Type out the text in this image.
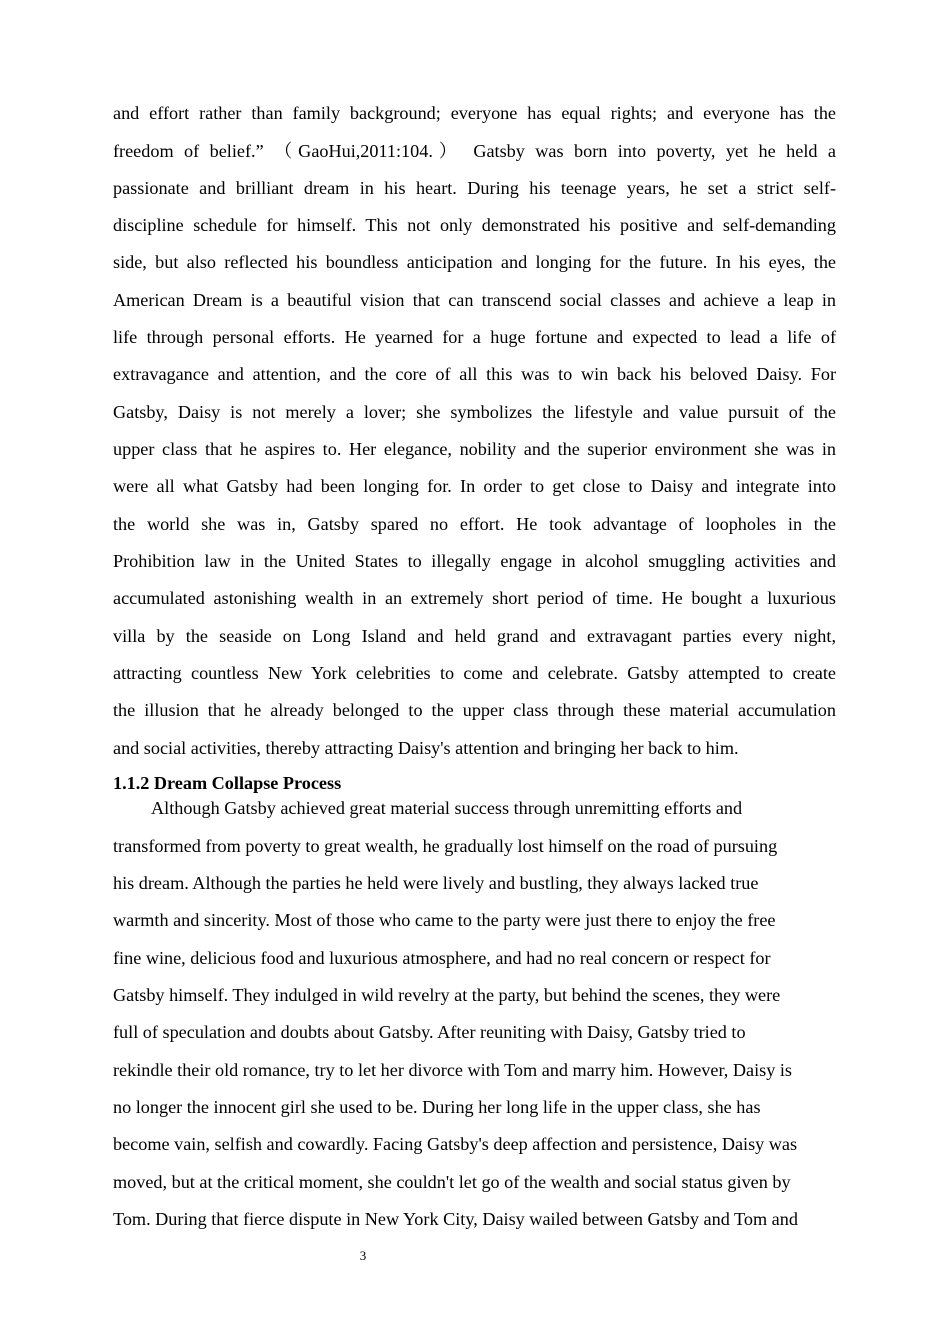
and effort rather than family background; everyone has equal rights; and everyone has the
freedom of belief.” （GaoHui,2011:104.） Gatsby was born into poverty, yet he held a
passionate and brilliant dream in his heart. During his teenage years, he set a strict self-
discipline schedule for himself. This not only demonstrated his positive and self-demanding
side, but also reflected his boundless anticipation and longing for the future. In his eyes, the
American Dream is a beautiful vision that can transcend social classes and achieve a leap in
life through personal efforts. He yearned for a huge fortune and expected to lead a life of
extravagance and attention, and the core of all this was to win back his beloved Daisy. For
Gatsby, Daisy is not merely a lover; she symbolizes the lifestyle and value pursuit of the
upper class that he aspires to. Her elegance, nobility and the superior environment she was in
were all what Gatsby had been longing for. In order to get close to Daisy and integrate into
the world she was in, Gatsby spared no effort. He took advantage of loopholes in the
Prohibition law in the United States to illegally engage in alcohol smuggling activities and
accumulated astonishing wealth in an extremely short period of time. He bought a luxurious
villa by the seaside on Long Island and held grand and extravagant parties every night,
attracting countless New York celebrities to come and celebrate. Gatsby attempted to create
the illusion that he already belonged to the upper class through these material accumulation
and social activities, thereby attracting Daisy's attention and bringing her back to him.
1.1.2 Dream Collapse Process
Although Gatsby achieved great material success through unremitting efforts and
transformed from poverty to great wealth, he gradually lost himself on the road of pursuing
his dream. Although the parties he held were lively and bustling, they always lacked true
warmth and sincerity. Most of those who came to the party were just there to enjoy the free
fine wine, delicious food and luxurious atmosphere, and had no real concern or respect for
Gatsby himself. They indulged in wild revelry at the party, but behind the scenes, they were
full of speculation and doubts about Gatsby. After reuniting with Daisy, Gatsby tried to
rekindle their old romance, try to let her divorce with Tom and marry him. However, Daisy is
no longer the innocent girl she used to be. During her long life in the upper class, she has
become vain, selfish and cowardly. Facing Gatsby's deep affection and persistence, Daisy was
moved, but at the critical moment, she couldn't let go of the wealth and social status given by
Tom. During that fierce dispute in New York City, Daisy wailed between Gatsby and Tom and
3
